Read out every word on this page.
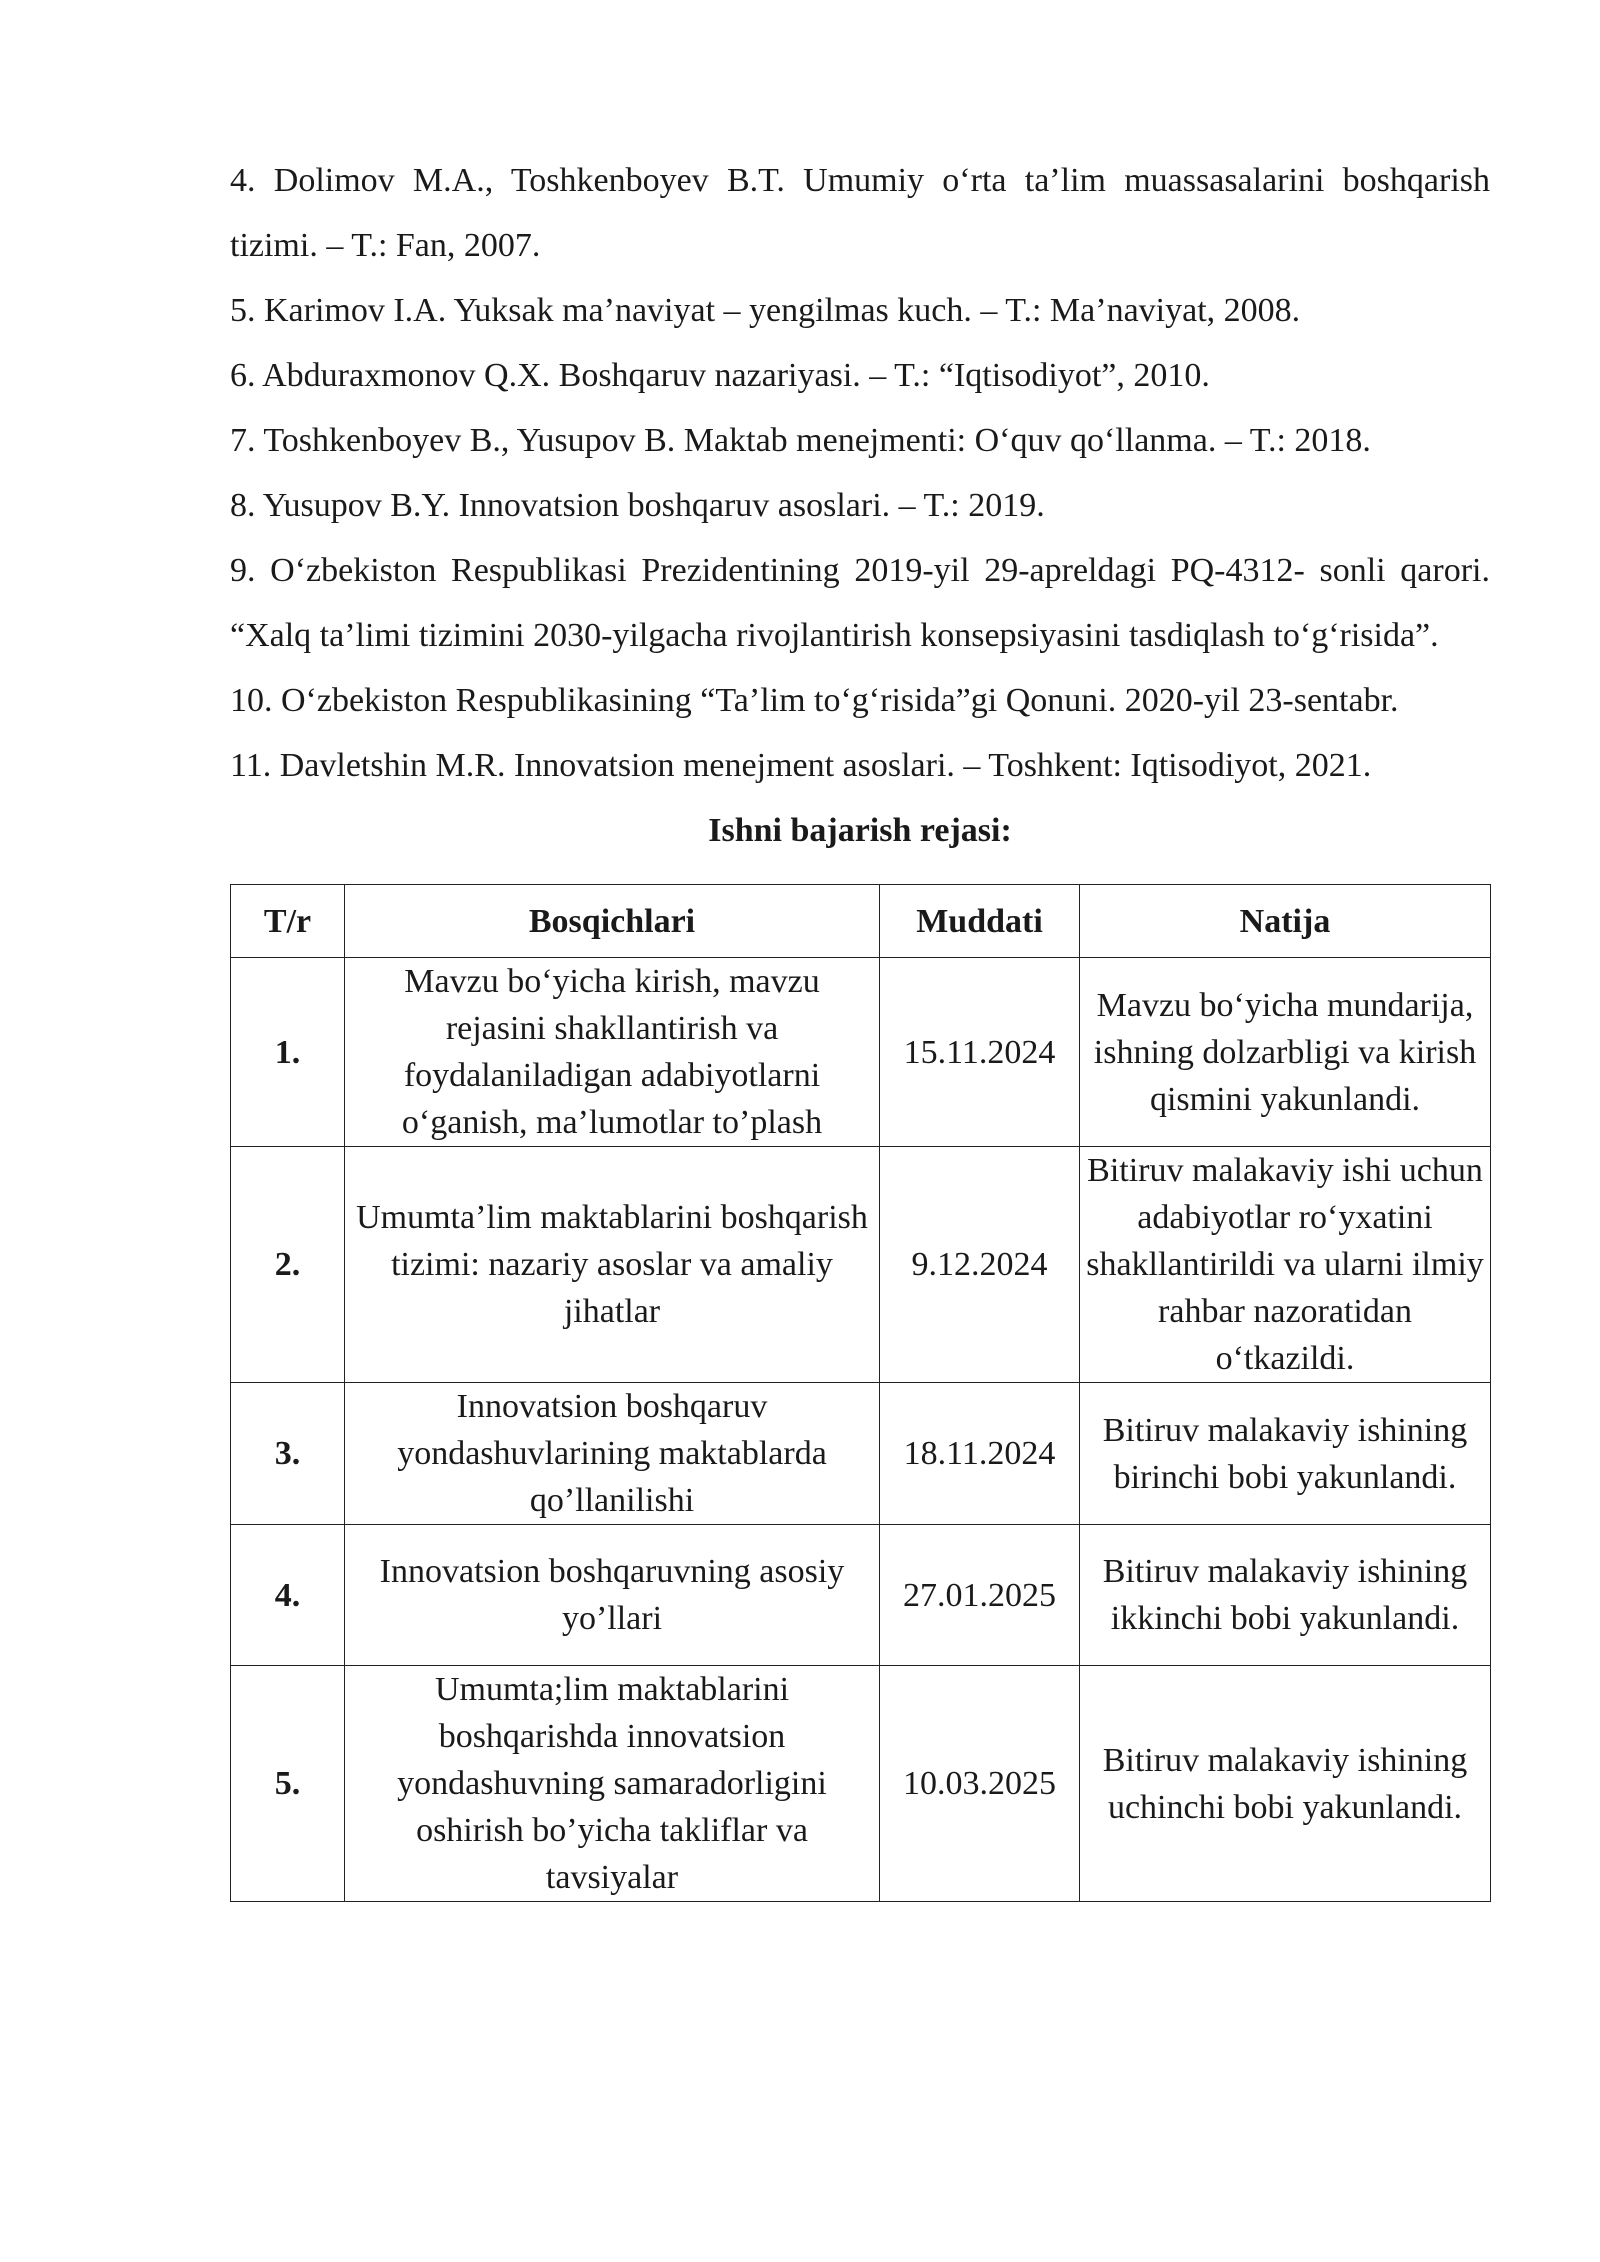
4. Dolimov M.A., Toshkenboyev B.T. Umumiy o‘rta ta’lim muassasalarini boshqarish tizimi. – T.: Fan, 2007.

5. Karimov I.A. Yuksak ma’naviyat – yengilmas kuch. – T.: Ma’naviyat, 2008.

6. Abduraxmonov Q.X. Boshqaruv nazariyasi. – T.: “Iqtisodiyot”, 2010.

7. Toshkenboyev B., Yusupov B. Maktab menejmenti: O‘quv qo‘llanma. – T.: 2018.

8. Yusupov B.Y. Innovatsion boshqaruv asoslari. – T.: 2019.

9. O‘zbekiston Respublikasi Prezidentining 2019-yil 29-apreldagi PQ-4312- sonli qarori. “Xalq ta’limi tizimini 2030-yilgacha rivojlantirish konsepsiyasini tasdiqlash to‘g‘risida”.

10. O‘zbekiston Respublikasining “Ta’lim to‘g‘risida”gi Qonuni. 2020-yil 23-sentabr.

11. Davletshin M.R. Innovatsion menejment asoslari. – Toshkent: Iqtisodiyot, 2021.

Ishni bajarish rejasi:

T/r	Bosqichlari	Muddati	Natija
1.	Mavzu bo‘yicha kirish, mavzu rejasini shakllantirish va foydalaniladigan adabiyotlarni o‘ganish, ma’lumotlar to’plash	15.11.2024	Mavzu bo‘yicha mundarija, ishning dolzarbligi va kirish qismini yakunlandi.
2.	Umumta’lim maktablarini boshqarish tizimi: nazariy asoslar va amaliy jihatlar	9.12.2024	Bitiruv malakaviy ishi uchun adabiyotlar ro‘yxatini shakllantirildi va ularni ilmiy rahbar nazoratidan o‘tkazildi.
3.	Innovatsion boshqaruv yondashuvlarining maktablarda qo’llanilishi	18.11.2024	Bitiruv malakaviy ishining birinchi bobi yakunlandi.
4.	Innovatsion boshqaruvning asosiy yo’llari	27.01.2025	Bitiruv malakaviy ishining ikkinchi bobi yakunlandi.
5.	Umumta;lim maktablarini boshqarishda innovatsion yondashuvning samaradorligini oshirish bo’yicha takliflar va tavsiyalar	10.03.2025	Bitiruv malakaviy ishining uchinchi bobi yakunlandi.
